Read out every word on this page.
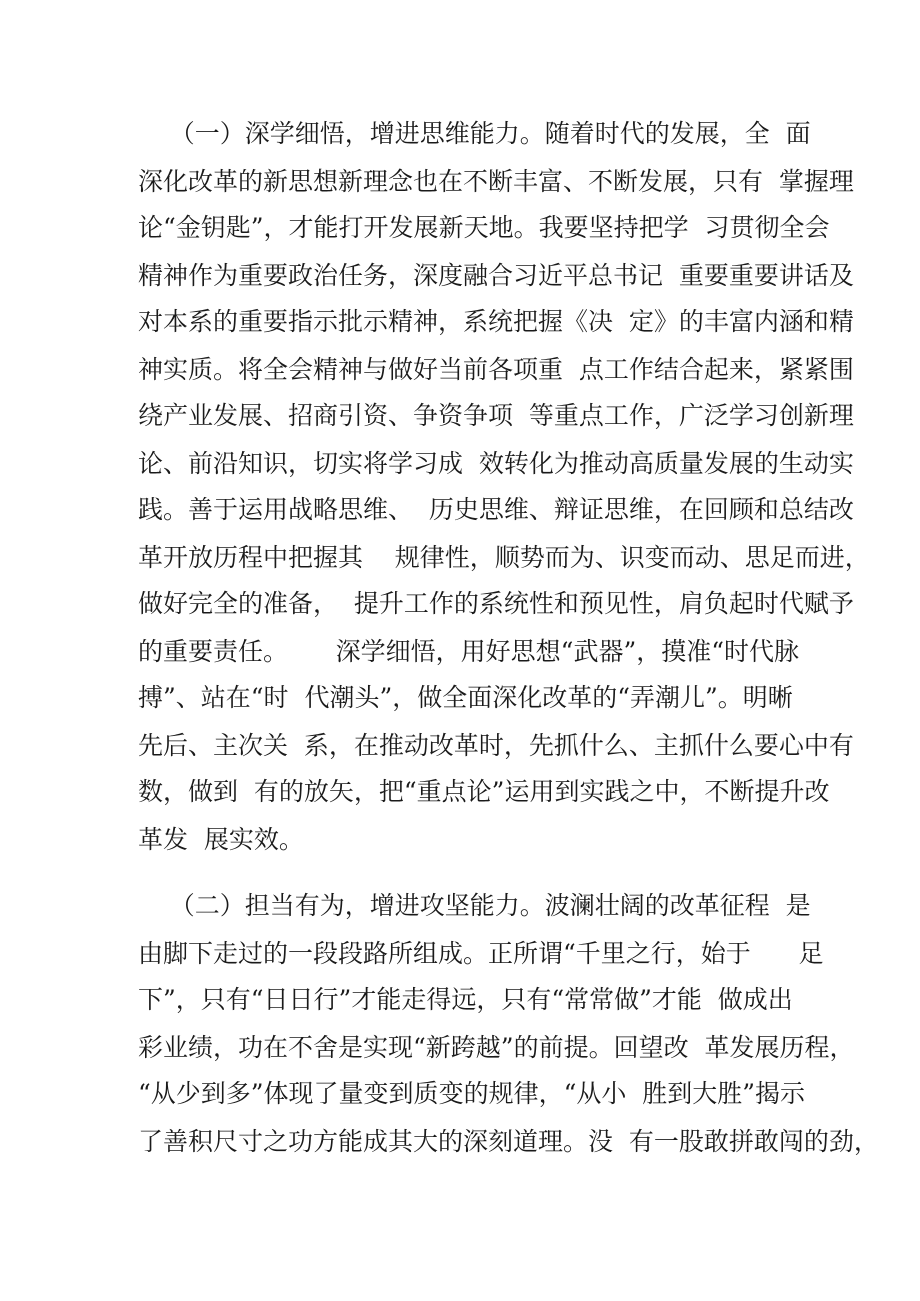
（一）深学细悟，增进思维能力。随着时代的发展，全  面
深化改革的新思想新理念也在不断丰富、不断发展，只有  掌握理
论“金钥匙”，才能打开发展新天地。我要坚持把学  习贯彻全会
精神作为重要政治任务，深度融合习近平总书记  重要重要讲话及
对本系的重要指示批示精神，系统把握《决  定》的丰富内涵和精
神实质。将全会精神与做好当前各项重  点工作结合起来，紧紧围
绕产业发展、招商引资、争资争项  等重点工作，广泛学习创新理
论、前沿知识，切实将学习成  效转化为推动高质量发展的生动实
践。善于运用战略思维、  历史思维、辩证思维，在回顾和总结改
革开放历程中把握其    规律性，顺势而为、识变而动、思足而进，
做好完全的准备，  提升工作的系统性和预见性，肩负起时代赋予
的重要责任。      深学细悟，用好思想“武器”，摸准“时代脉
搏”、站在“时  代潮头”，做全面深化改革的“弄潮儿”。明晰
先后、主次关  系，在推动改革时，先抓什么、主抓什么要心中有
数，做到  有的放矢，把“重点论”运用到实践之中，不断提升改
革发  展实效。
（二）担当有为，增进攻坚能力。波澜壮阔的改革征程  是
由脚下走过的一段段路所组成。正所谓“千里之行，始于      足
下”，只有“日日行”才能走得远，只有“常常做”才能  做成出
彩业绩，功在不舍是实现“新跨越”的前提。回望改  革发展历程，
“从少到多”体现了量变到质变的规律，“从小  胜到大胜”揭示
了善积尺寸之功方能成其大的深刻道理。没  有一股敢拼敢闯的劲，
